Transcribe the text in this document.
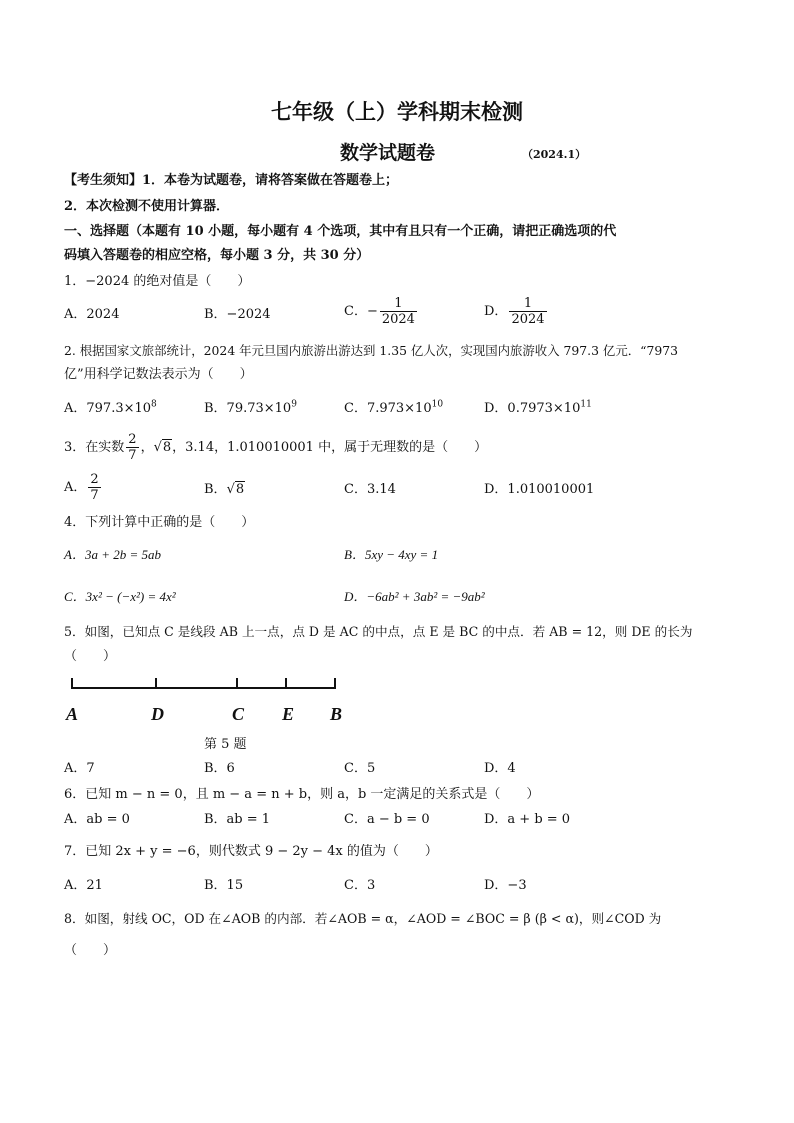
七年级（上）学科期末检测
数学试题卷	（2024.1）
【考生须知】1．本卷为试题卷，请将答案做在答题卷上；
2．本次检测不使用计算器．
一、选择题（本题有 10 小题，每小题有 4 个选项，其中有且只有一个正确，请把正确选项的代
码填入答题卷的相应空格，每小题 3 分，共 30 分）
1．−2024 的绝对值是（　　）
A．2024	B．−2024	C．− $\frac{1}{2024}$	D． $\frac{1}{2024}$
2. 根据国家文旅部统计，2024 年元旦国内旅游出游达到 1.35 亿人次，实现国内旅游收入 797.3 亿元．“7973
亿”用科学记数法表示为（　　）
A．$797.3\times 10^8$	B．$79.73\times 10^9$	C．$7.973\times 10^{10}$	D．$0.7973\times 10^{11}$
3．在实数 $\frac{2}{7}$ ，√8，3.14，1.010010001 中，属于无理数的是（　　）
A． $\frac{2}{7}$	B．√8	C．3.14	D．1.010010001
4．下列计算中正确的是（　　）
A．3a + 2b = 5ab	B．5xy − 4xy = 1
C．3x² − (−x²) = 4x²	D．−6ab² + 3ab² = −9ab²
5．如图，已知点 C 是线段 AB 上一点，点 D 是 AC 的中点，点 E 是 BC 的中点．若 AB = 12，则 DE 的长为
（　　）
A	D	C E B
第 5 题
A．7	B．6	C．5	D．4
6．已知 m − n = 0，且 m − a = n + b，则 a，b 一定满足的关系式是（　　）
A．ab = 0	B．ab = 1	C．a − b = 0	D．a + b = 0
7．已知 2x + y = −6，则代数式 9 − 2y − 4x 的值为（　　）
A．21	B．15	C．3	D．−3
8．如图，射线 OC，OD 在∠AOB 的内部．若∠AOB = α，∠AOD = ∠BOC = β (β < α)，则∠COD 为
（　　）
